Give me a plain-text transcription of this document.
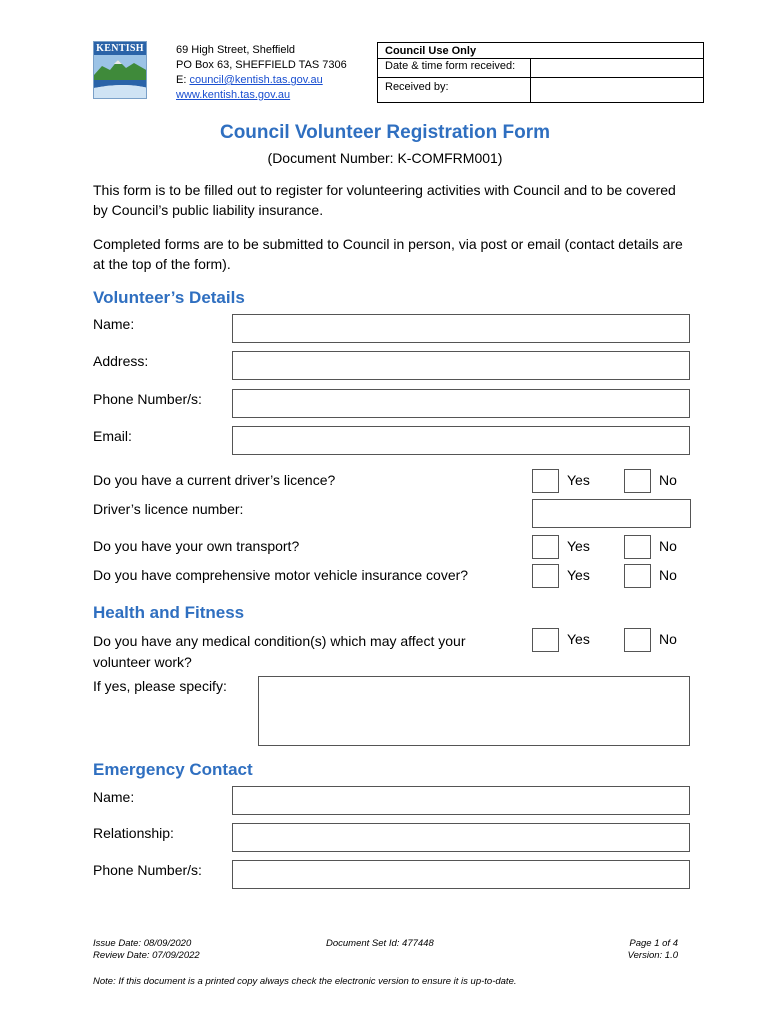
KENTISH	69 High Street, Sheffield
PO Box 63, SHEFFIELD TAS 7306
E: council@kentish.tas.gov.au
www.kentish.tas.gov.au
Council Use Only
Date & time form received:
Received by:
Council Volunteer Registration Form
(Document Number: K-COMFRM001)
This form is to be filled out to register for volunteering activities with Council and to be covered by Council’s public liability insurance.
Completed forms are to be submitted to Council in person, via post or email (contact details are at the top of the form).
Volunteer’s Details
Name:
Address:
Phone Number/s:
Email:
Do you have a current driver’s licence?	Yes	No
Driver’s licence number:
Do you have your own transport?	Yes	No
Do you have comprehensive motor vehicle insurance cover?	Yes	No
Health and Fitness
Do you have any medical condition(s) which may affect your
volunteer work?
Yes	No
If yes, please specify:
Emergency Contact
Name:
Relationship:
Phone Number/s:
Issue Date: 08/09/2020
Review Date: 07/09/2022
Document Set Id: 477448	Page 1 of 4
Version: 1.0
Note: If this document is a printed copy always check the electronic version to ensure it is up-to-date.
